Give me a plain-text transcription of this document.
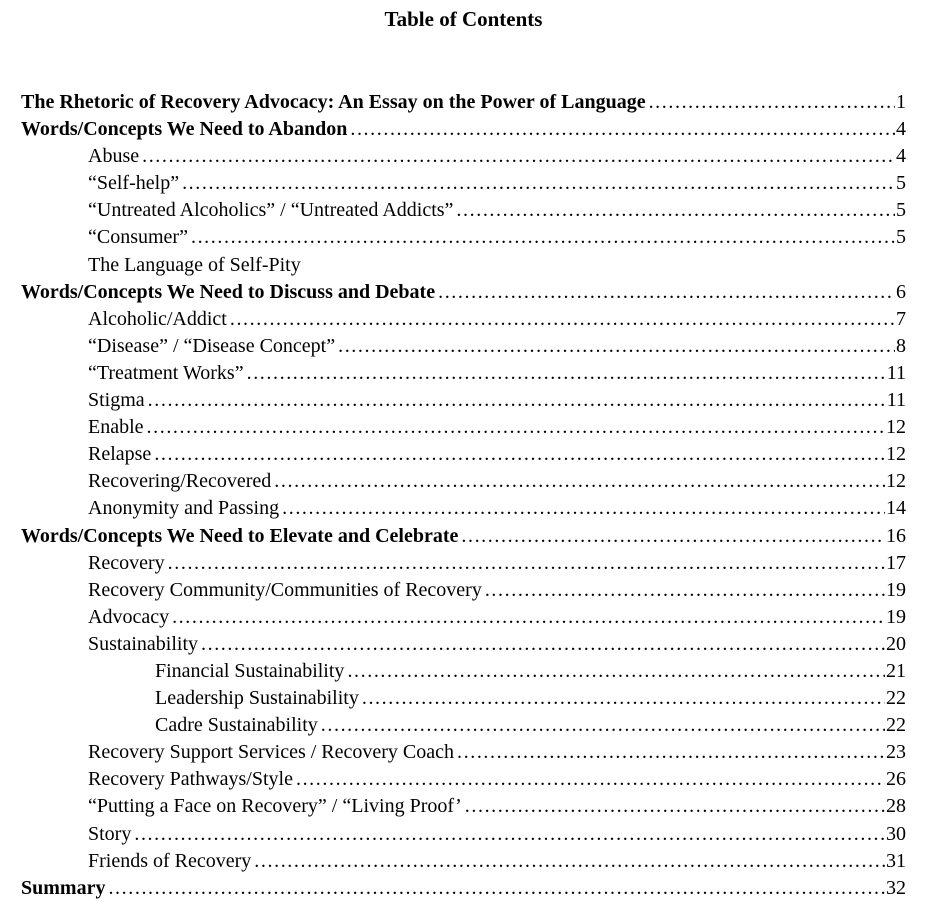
Table of Contents
The Rhetoric of Recovery Advocacy: An Essay on the Power of Language .....	1
Words/Concepts We Need to Abandon .....	4
Abuse .....	4
“Self-help” .....	5
“Untreated Alcoholics” / “Untreated Addicts” .....	5
“Consumer” .....	5
The Language of Self-Pity
Words/Concepts We Need to Discuss and Debate .....	6
Alcoholic/Addict .....	7
“Disease” / “Disease Concept” .....	8
“Treatment Works” .....	11
Stigma .....	11
Enable .....	12
Relapse .....	12
Recovering/Recovered .....	12
Anonymity and Passing .....	14
Words/Concepts We Need to Elevate and Celebrate .....	16
Recovery .....	17
Recovery Community/Communities of Recovery .....	19
Advocacy .....	19
Sustainability .....	20
Financial Sustainability .....	21
Leadership Sustainability .....	22
Cadre Sustainability .....	22
Recovery Support Services / Recovery Coach .....	23
Recovery Pathways/Style .....	26
“Putting a Face on Recovery” / “Living Proof’ .....	28
Story .....	30
Friends of Recovery .....	31
Summary .....	32
